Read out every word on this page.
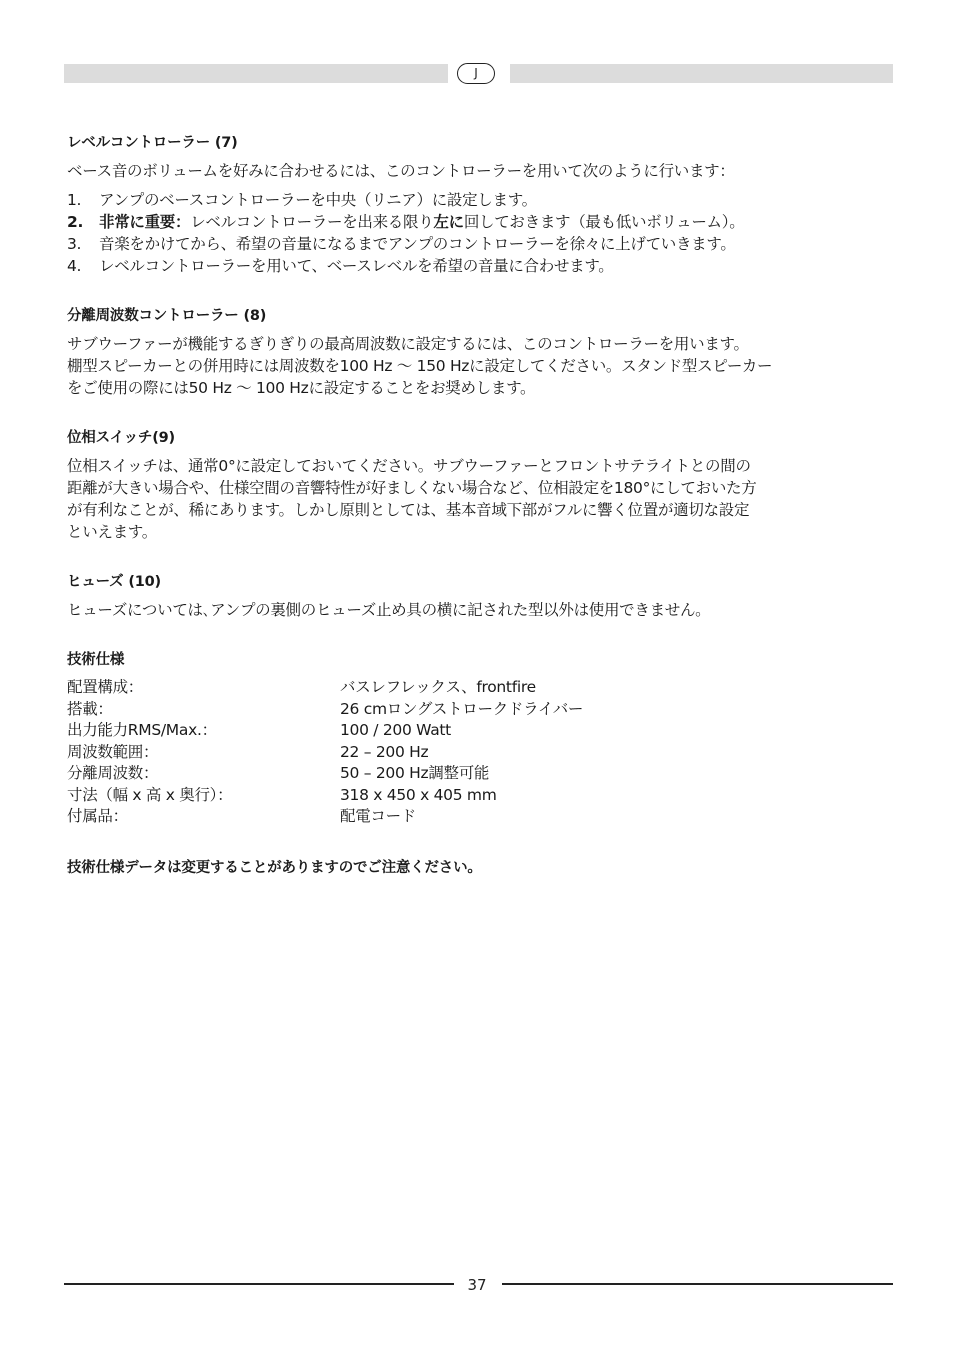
J
レベルコントローラー (7)
ベース音のボリュームを好みに合わせるには、このコントローラーを用いて次のように行います：
1.	アンプのベースコントローラーを中央（リニア）に設定します。
2.	非常に重要：レベルコントローラーを出来る限り左に回しておきます（最も低いボリューム）。
3.	音楽をかけてから、希望の音量になるまでアンプのコントローラーを徐々に上げていきます。
4.	レベルコントローラーを用いて、ベースレベルを希望の音量に合わせます。
分離周波数コントローラー (8)
サブウーファーが機能するぎりぎりの最高周波数に設定するには、このコントローラーを用います。
棚型スピーカーとの併用時には周波数を100 Hz ～ 150 Hzに設定してください。スタンド型スピーカー
をご使用の際には50 Hz ～ 100 Hzに設定することをお奨めします。
位相スイッチ(9)
位相スイッチは、通常0°に設定しておいてください。サブウーファーとフロントサテライトとの間の
距離が大きい場合や、仕様空間の音響特性が好ましくない場合など、位相設定を180°にしておいた方
が有利なことが、稀にあります。しかし原則としては、基本音域下部がフルに響く位置が適切な設定
といえます。
ヒューズ (10)
ヒューズについては､アンプの裏側のヒューズ止め具の横に記された型以外は使用できません｡
技術仕様
配置構成：	バスレフレックス、frontfire
搭載：	26 cmロングストロークドライバー
出力能力RMS/Max.：	100 / 200 Watt
周波数範囲：	22 – 200 Hz
分離周波数：	50 – 200 Hz調整可能
寸法（幅 x 高 x 奥行）：	318 x 450 x 405 mm
付属品：	配電コード
技術仕様データは変更することがありますのでご注意ください｡
37
